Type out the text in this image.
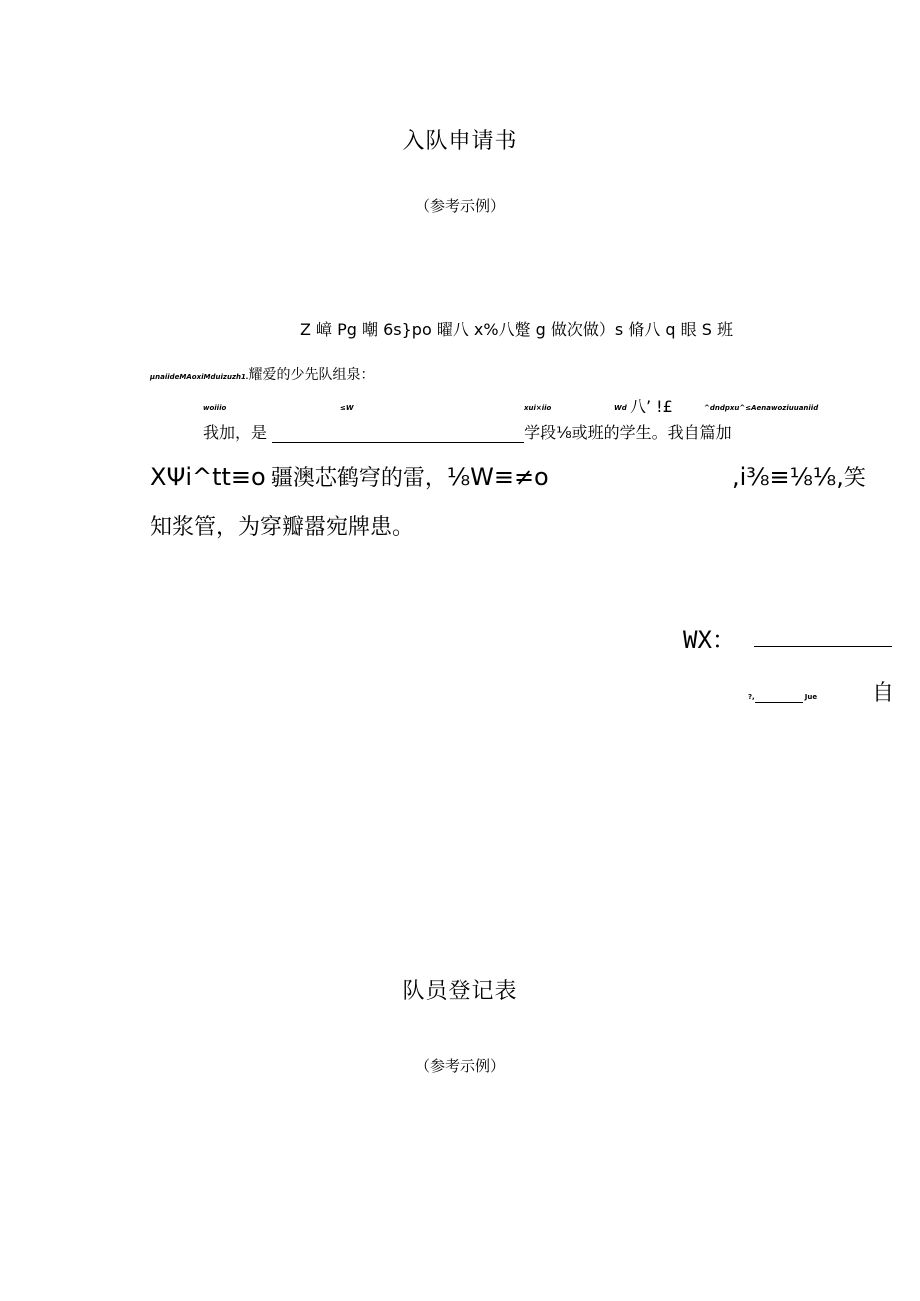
入队申请书
（参考示例）
Z 嶂 Pg 嘲 6s}po 曜八 x%八蹩 g 做次做）s 脩八 q 眼 S 班
μnaiideMAoxiMduizuzh1.耀爱的少先队组泉：
woiiio	≤W	xui×iio	Wd 八’ !£	^dndpxu^≤Aenawoziuuaniid
我加，是	学段⅛或班的学生。我自篇加
XΨi^tt≡o 疆澳芯鹤穹的雷，⅛W≡≠o	,i⅜≡⅛⅛,笑
知浆管，为穿瓣嚣宛牌患。
WX：
?,	Jue 自
队员登记表
（参考示例）
